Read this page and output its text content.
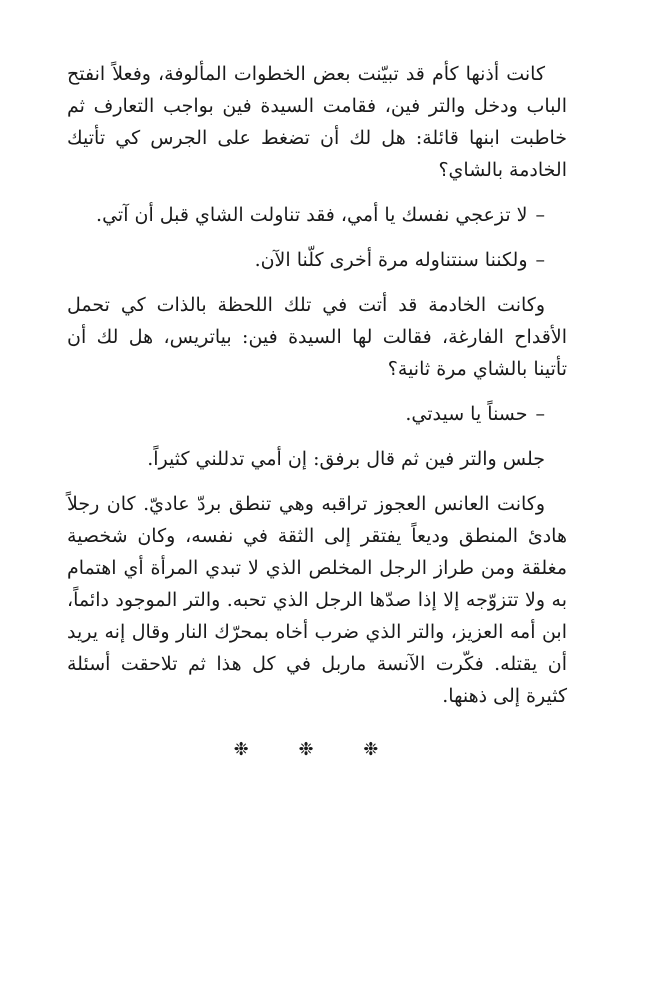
كانت أذنها كأم قد تبيّنت بعض الخطوات المألوفة، وفعلاً انفتح الباب ودخل والتر فين، فقامت السيدة فين بواجب التعارف ثم خاطبت ابنها قائلة: هل لك أن تضغط على الجرس كي تأتيك الخادمة بالشاي؟

–لا تزعجي نفسك يا أمي، فقد تناولت الشاي قبل أن آتي.

–ولكننا سنتناوله مرة أخرى كلّنا الآن.

وكانت الخادمة قد أتت في تلك اللحظة بالذات كي تحمل الأقداح الفارغة، فقالت لها السيدة فين: بياتريس، هل لك أن تأتينا بالشاي مرة ثانية؟

–حسناً يا سيدتي.

جلس والتر فين ثم قال برفق: إن أمي تدللني كثيراً.

وكانت العانس العجوز تراقبه وهي تنطق بردّ عاديّ. كان رجلاً هادئ المنطق وديعاً يفتقر إلى الثقة في نفسه، وكان شخصية مغلقة ومن طراز الرجل المخلص الذي لا تبدي المرأة أي اهتمام به ولا تتزوّجه إلا إذا صدّها الرجل الذي تحبه. والتر الموجود دائماً، ابن أمه العزيز، والتر الذي ضرب أخاه بمحرّك النار وقال إنه يريد أن يقتله. فكّرت الآنسة ماربل في كل هذا ثم تلاحقت أسئلة كثيرة إلى ذهنها.

❉ ❉ ❉
